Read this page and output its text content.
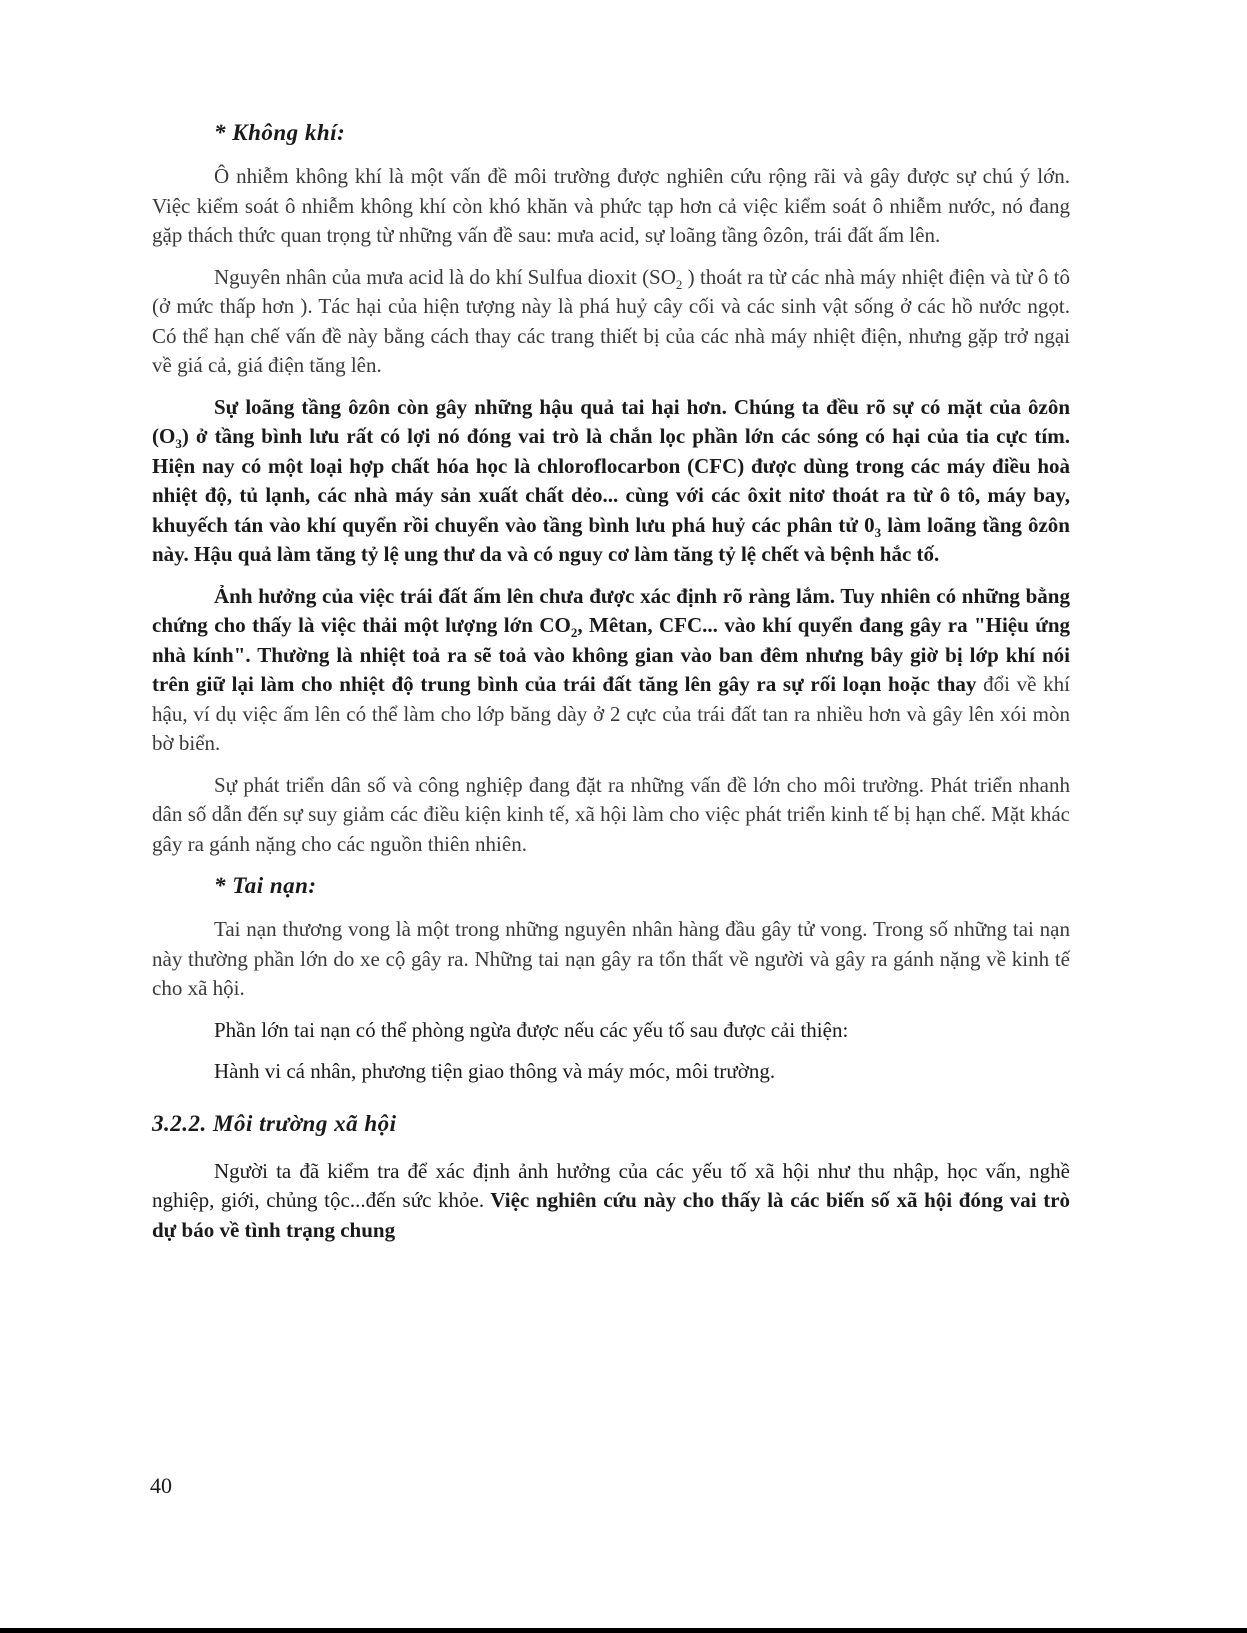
* Không khí:

Ô nhiễm không khí là một vấn đề môi trường được nghiên cứu rộng rãi và gây được sự chú ý lớn. Việc kiểm soát ô nhiễm không khí còn khó khăn và phức tạp hơn cả việc kiểm soát ô nhiễm nước, nó đang gặp thách thức quan trọng từ những vấn đề sau: mưa acid, sự loãng tầng ôzôn, trái đất ấm lên.

Nguyên nhân của mưa acid là do khí Sulfua dioxit ($SO_2$ ) thoát ra từ các nhà máy nhiệt điện và từ ô tô (ở mức thấp hơn ). Tác hại của hiện tượng này là phá huỷ cây cối và các sinh vật sống ở các hồ nước ngọt. Có thể hạn chế vấn đề này bằng cách thay các trang thiết bị của các nhà máy nhiệt điện, nhưng gặp trở ngại về giá cả, giá điện tăng lên.

Sự loãng tầng ôzôn còn gây những hậu quả tai hại hơn. Chúng ta đều rõ sự có mặt của ôzôn $(O_3)$ ở tầng bình lưu rất có lợi nó đóng vai trò là chắn lọc phần lớn các sóng có hại của tia cực tím. Hiện nay có một loại hợp chất hóa học là chloroflocarbon (CFC) được dùng trong các máy điều hoà nhiệt độ, tủ lạnh, các nhà máy sản xuất chất dẻo... cùng với các ôxit nitơ thoát ra từ ô tô, máy bay, khuyếch tán vào khí quyển rồi chuyển vào tầng bình lưu phá huỷ các phân tử $0_3$ làm loãng tầng ôzôn này. Hậu quả làm tăng tỷ lệ ung thư da và có nguy cơ làm tăng tỷ lệ chết và bệnh hắc tố.

Ảnh hưởng của việc trái đất ấm lên chưa được xác định rõ ràng lắm. Tuy nhiên có những bằng chứng cho thấy là việc thải một lượng lớn $CO_2$, Mêtan, CFC... vào khí quyển đang gây ra "Hiệu ứng nhà kính". Thường là nhiệt toả ra sẽ toả vào không gian vào ban đêm nhưng bây giờ bị lớp khí nói trên giữ lại làm cho nhiệt độ trung bình của trái đất tăng lên gây ra sự rối loạn hoặc thay đổi về khí hậu, ví dụ việc ấm lên có thể làm cho lớp băng dày ở 2 cực của trái đất tan ra nhiều hơn và gây lên xói mòn bờ biển.

Sự phát triển dân số và công nghiệp đang đặt ra những vấn đề lớn cho môi trường. Phát triển nhanh dân số dẫn đến sự suy giảm các điều kiện kinh tế, xã hội làm cho việc phát triển kinh tế bị hạn chế. Mặt khác gây ra gánh nặng cho các nguồn thiên nhiên.

* Tai nạn:

Tai nạn thương vong là một trong những nguyên nhân hàng đầu gây tử vong. Trong số những tai nạn này thường phần lớn do xe cộ gây ra. Những tai nạn gây ra tổn thất về người và gây ra gánh nặng về kinh tế cho xã hội.

Phần lớn tai nạn có thể phòng ngừa được nếu các yếu tố sau được cải thiện:

Hành vi cá nhân, phương tiện giao thông và máy móc, môi trường.

3.2.2. Môi trường xã hội

Người ta đã kiểm tra để xác định ảnh hưởng của các yếu tố xã hội như thu nhập, học vấn, nghề nghiệp, giới, chủng tộc...đến sức khỏe. Việc nghiên cứu này cho thấy là các biến số xã hội đóng vai trò dự báo về tình trạng chung

40
